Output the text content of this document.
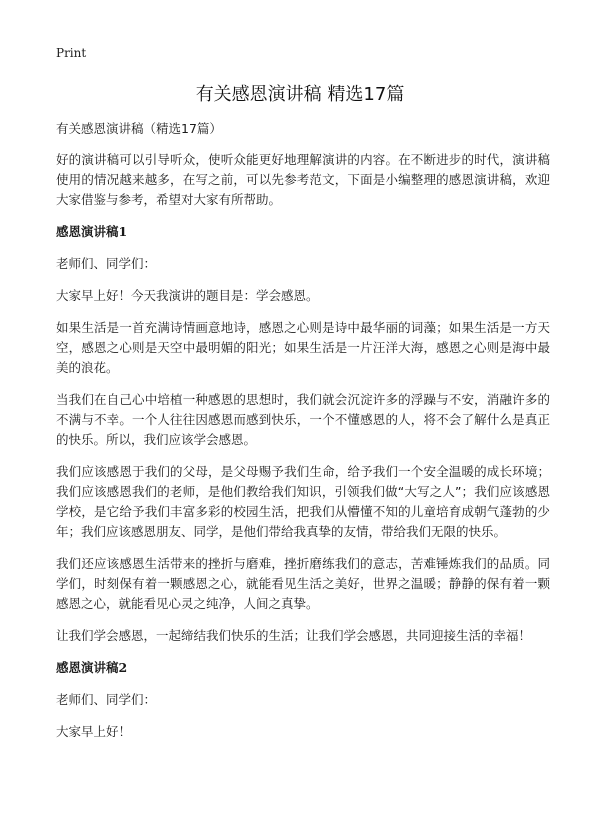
Print
有关感恩演讲稿 精选17篇

有关感恩演讲稿（精选17篇）

好的演讲稿可以引导听众，使听众能更好地理解演讲的内容。在不断进步的时代，演讲稿使用的情况越来越多，在写之前，可以先参考范文，下面是小编整理的感恩演讲稿，欢迎大家借鉴与参考，希望对大家有所帮助。

感恩演讲稿1

老师们、同学们：

大家早上好！今天我演讲的题目是：学会感恩。

如果生活是一首充满诗情画意地诗，感恩之心则是诗中最华丽的词藻；如果生活是一方天空，感恩之心则是天空中最明媚的阳光；如果生活是一片汪洋大海，感恩之心则是海中最美的浪花。

当我们在自己心中培植一种感恩的思想时，我们就会沉淀许多的浮躁与不安，消融许多的不满与不幸。一个人往往因感恩而感到快乐，一个不懂感恩的人，将不会了解什么是真正的快乐。所以，我们应该学会感恩。

我们应该感恩于我们的父母，是父母赐予我们生命，给予我们一个安全温暖的成长环境；我们应该感恩我们的老师，是他们教给我们知识，引领我们做“大写之人”；我们应该感恩学校，是它给予我们丰富多彩的校园生活，把我们从懵懂不知的儿童培育成朝气蓬勃的少年；我们应该感恩朋友、同学，是他们带给我真挚的友情，带给我们无限的快乐。

我们还应该感恩生活带来的挫折与磨难，挫折磨练我们的意志，苦难锤炼我们的品质。同学们，时刻保有着一颗感恩之心，就能看见生活之美好，世界之温暖；静静的保有着一颗感恩之心，就能看见心灵之纯净，人间之真挚。

让我们学会感恩，一起缔结我们快乐的生活；让我们学会感恩，共同迎接生活的幸福！

感恩演讲稿2

老师们、同学们：

大家早上好！
